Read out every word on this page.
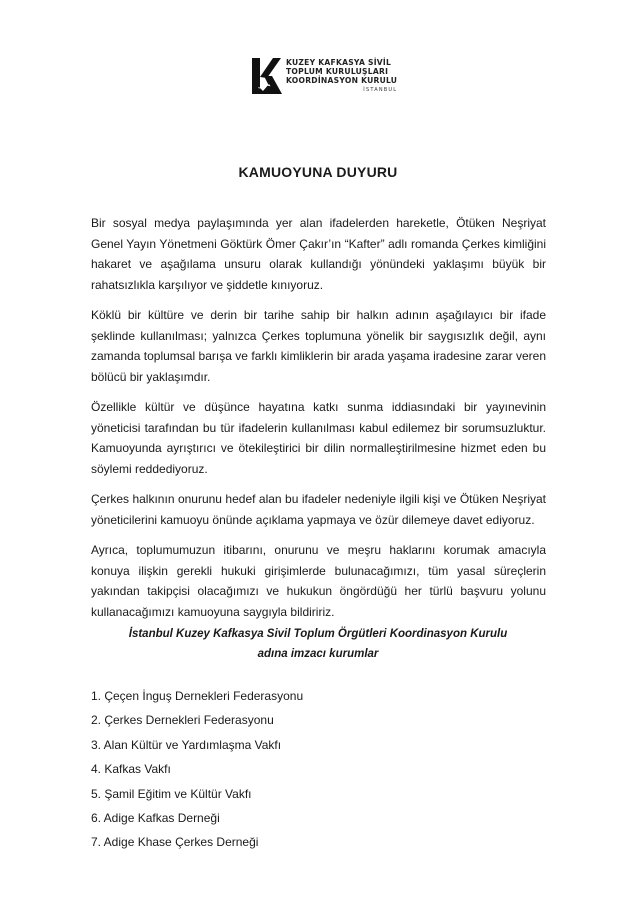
KUZEY KAFKASYA SİVİL
TOPLUM KURULUŞLARI
KOORDİNASYON KURULU
İSTANBUL
KAMUOYUNA DUYURU

Bir sosyal medya paylaşımında yer alan ifadelerden hareketle, Ötüken Neşriyat Genel Yayın Yönetmeni Göktürk Ömer Çakır’ın “Kafter” adlı romanda Çerkes kimliğini hakaret ve aşağılama unsuru olarak kullandığı yönündeki yaklaşımı büyük bir rahatsızlıkla karşılıyor ve şiddetle kınıyoruz.

Köklü bir kültüre ve derin bir tarihe sahip bir halkın adının aşağılayıcı bir ifade şeklinde kullanılması; yalnızca Çerkes toplumuna yönelik bir saygısızlık değil, aynı zamanda toplumsal barışa ve farklı kimliklerin bir arada yaşama iradesine zarar veren bölücü bir yaklaşımdır.

Özellikle kültür ve düşünce hayatına katkı sunma iddiasındaki bir yayınevinin yöneticisi tarafından bu tür ifadelerin kullanılması kabul edilemez bir sorumsuzluktur. Kamuoyunda ayrıştırıcı ve ötekileştirici bir dilin normalleştirilmesine hizmet eden bu söylemi reddediyoruz.

Çerkes halkının onurunu hedef alan bu ifadeler nedeniyle ilgili kişi ve Ötüken Neşriyat yöneticilerini kamuoyu önünde açıklama yapmaya ve özür dilemeye davet ediyoruz.

Ayrıca, toplumumuzun itibarını, onurunu ve meşru haklarını korumak amacıyla konuya ilişkin gerekli hukuki girişimlerde bulunacağımızı, tüm yasal süreçlerin yakından takipçisi olacağımızı ve hukukun öngördüğü her türlü başvuru yolunu kullanacağımızı kamuoyuna saygıyla bildiririz.

İstanbul Kuzey Kafkasya Sivil Toplum Örgütleri Koordinasyon Kurulu
adına imzacı kurumlar
1. Çeçen İnguş Dernekleri Federasyonu
2. Çerkes Dernekleri Federasyonu
3. Alan Kültür ve Yardımlaşma Vakfı
4. Kafkas Vakfı
5. Şamil Eğitim ve Kültür Vakfı
6. Adige Kafkas Derneği
7. Adige Khase Çerkes Derneği
